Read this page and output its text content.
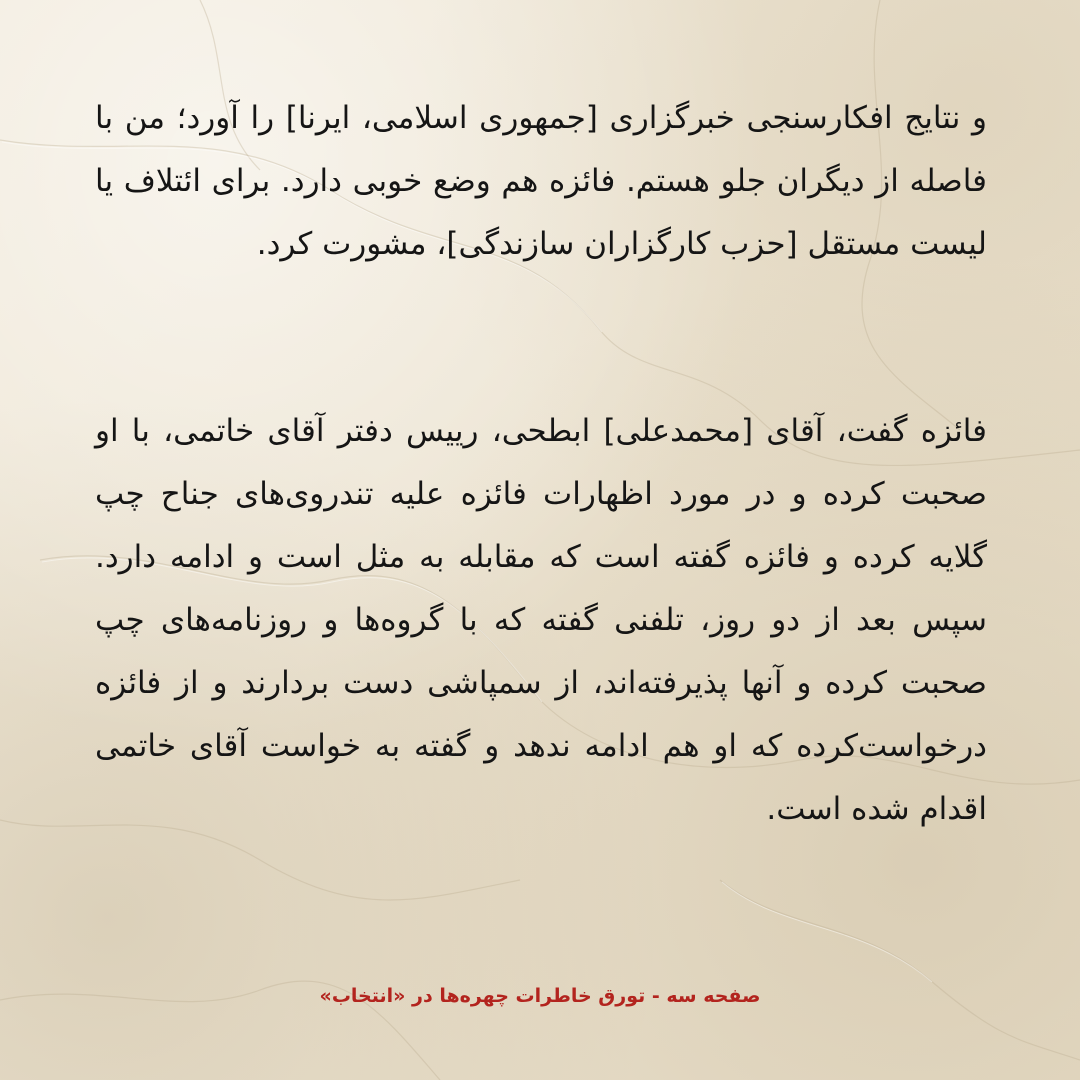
و نتایج افکارسنجی خبرگزاری [جمهوری اسلامی، ایرنا] را آورد؛ من با فاصله از دیگران جلو هستم. فائزه هم وضع خوبی دارد. برای ائتلاف یا لیست مستقل [حزب کارگزاران سازندگی]، مشورت کرد.

فائزه گفت، آقای [محمدعلی] ابطحی، رییس دفتر آقای خاتمی، با او صحبت کرده و در مورد اظهارات فائزه علیه تندروی‌های جناح چپ گلایه کرده و فائزه گفته است که مقابله به مثل است و ادامه دارد. سپس بعد از دو روز، تلفنی گفته که با گروه‌ها و روزنامه‌های چپ صحبت کرده و آنها پذیرفته‌اند، از سمپاشی دست بردارند و از فائزه درخواست‌کرده که او هم ادامه ندهد و گفته به خواست آقای خاتمی اقدام شده است.

صفحه سه - تورق خاطرات چهره‌ها در «انتخاب»
